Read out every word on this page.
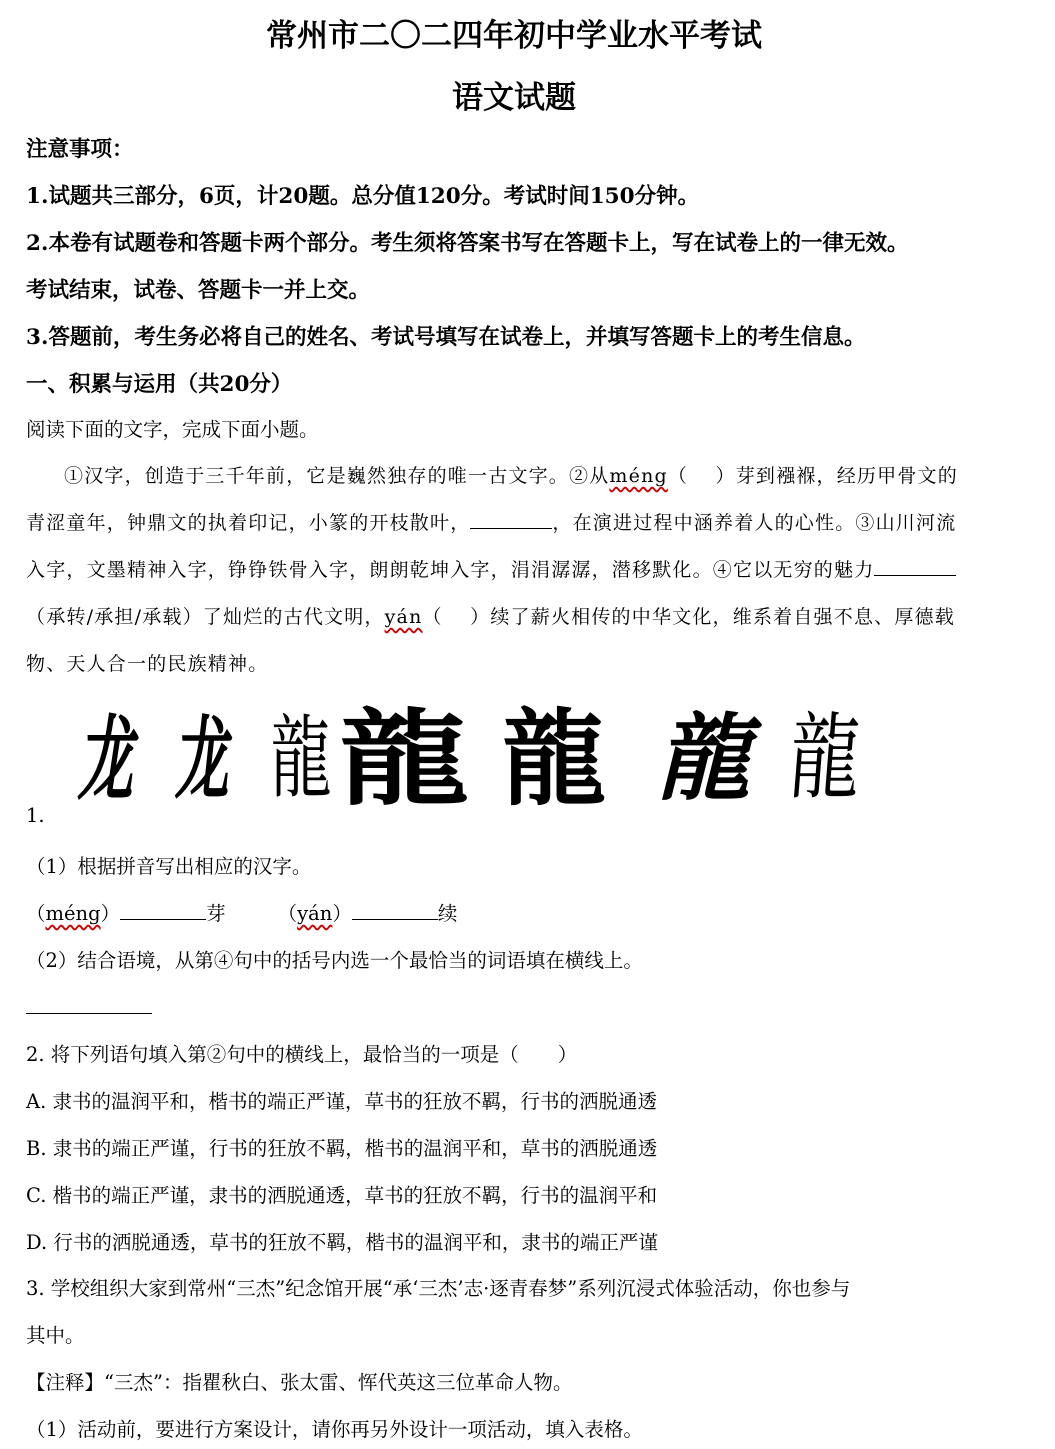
常州市二〇二四年初中学业水平考试
语文试题

注意事项：

1.试题共三部分，6页，计20题。总分值120分。考试时间150分钟。

2.本卷有试题卷和答题卡两个部分。考生须将答案书写在答题卡上，写在试卷上的一律无效。

考试结束，试卷、答题卡一并上交。

3.答题前，考生务必将自己的姓名、考试号填写在试卷上，并填写答题卡上的考生信息。

一、积累与运用（共20分）

阅读下面的文字，完成下面小题。

①汉字，创造于三千年前，它是巍然独存的唯一古文字。②从méng（　 ）芽到襁褓，经历甲骨文的

青涩童年，钟鼎文的执着印记，小篆的开枝散叶，	，在演进过程中涵养着人的心性。③山川河流

入字，文墨精神入字，铮铮铁骨入字，朗朗乾坤入字，涓涓潺潺，潜移默化。④它以无穷的魅力

（承转/承担/承载）了灿烂的古代文明，yán（　 ）续了薪火相传的中华文化，维系着自强不息、厚德载

物、天人合一的民族精神。

龙 龙 龍 龍 龍 龍 龍

1.

（1）根据拼音写出相应的汉字。

（méng）	芽	（yán）	续

（2）结合语境，从第④句中的括号内选一个最恰当的词语填在横线上。

2. 将下列语句填入第②句中的横线上，最恰当的一项是（　　）

A. 隶书的温润平和，楷书的端正严谨，草书的狂放不羁，行书的洒脱通透

B. 隶书的端正严谨，行书的狂放不羁，楷书的温润平和，草书的洒脱通透

C. 楷书的端正严谨，隶书的洒脱通透，草书的狂放不羁，行书的温润平和

D. 行书的洒脱通透，草书的狂放不羁，楷书的温润平和，隶书的端正严谨

3. 学校组织大家到常州“三杰”纪念馆开展“承‘三杰’志·逐青春梦”系列沉浸式体验活动，你也参与

其中。

【注释】“三杰”：指瞿秋白、张太雷、恽代英这三位革命人物。

（1）活动前，要进行方案设计，请你再另外设计一项活动，填入表格。
